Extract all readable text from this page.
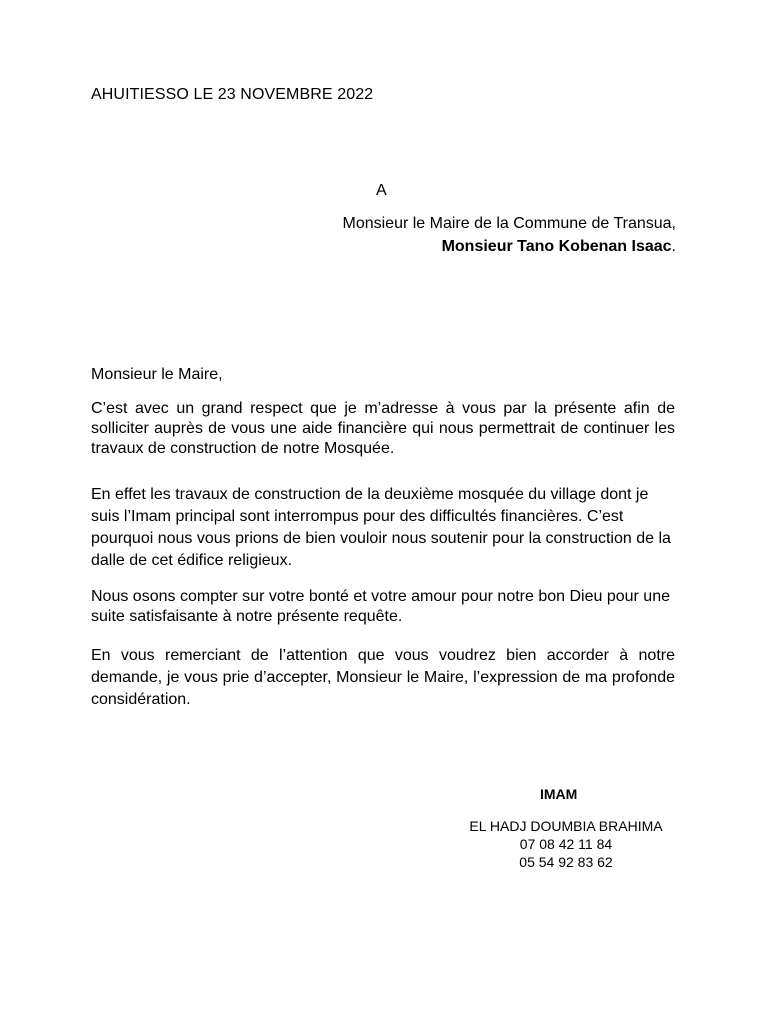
AHUITIESSO LE 23 NOVEMBRE 2022
A
Monsieur le Maire de la Commune de Transua,
Monsieur Tano Kobenan Isaac.
Monsieur le Maire,
C’est avec un grand respect que je m’adresse à vous par la présente afin de solliciter auprès de vous une aide financière qui nous permettrait de continuer les travaux de construction de notre Mosquée.
En effet les travaux de construction de la deuxième mosquée du village dont je suis l’Imam principal sont interrompus pour des difficultés financières. C’est pourquoi nous vous prions de bien vouloir nous soutenir pour la construction de la dalle de cet édifice religieux.
Nous osons compter sur votre bonté et votre amour pour notre bon Dieu pour une suite satisfaisante à notre présente requête.
En vous remerciant de l’attention que vous voudrez bien accorder à notre demande, je vous prie d’accepter, Monsieur le Maire, l’expression de ma profonde considération.
IMAM
EL HADJ DOUMBIA BRAHIMA
07 08 42 11 84
05 54 92 83 62
